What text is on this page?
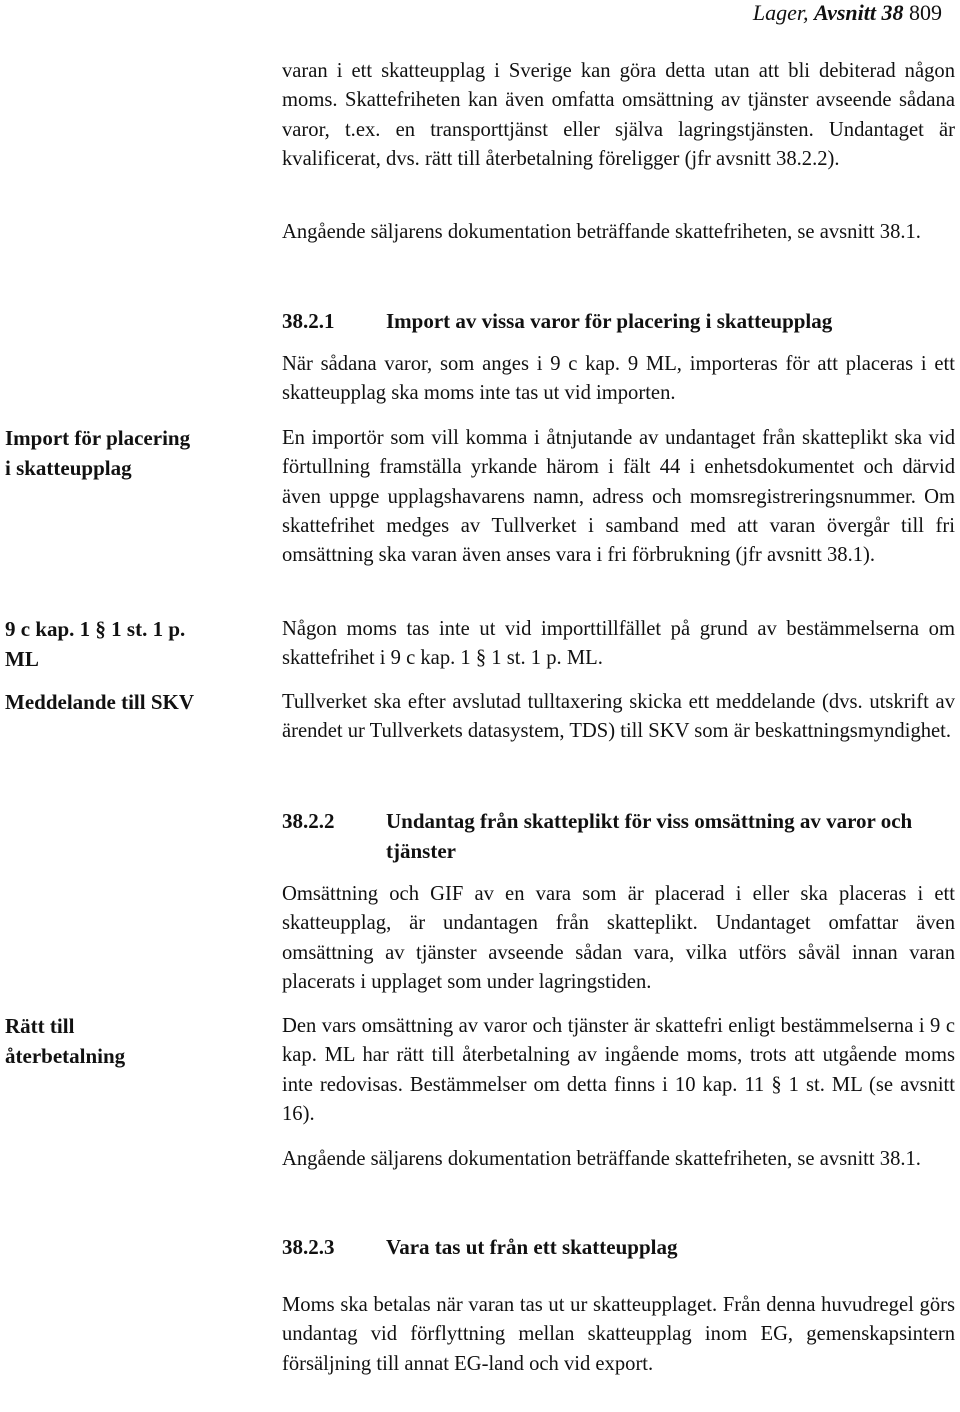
Lager, Avsnitt 38 809

varan i ett skatteupplag i Sverige kan göra detta utan att bli debiterad någon moms. Skattefriheten kan även omfatta omsättning av tjänster avseende sådana varor, t.ex. en transporttjänst eller själva lagringstjänsten. Undantaget är kvalificerat, dvs. rätt till återbetalning föreligger (jfr avsnitt 38.2.2).

Angående säljarens dokumentation beträffande skattefriheten, se avsnitt 38.1.

38.2.1	Import av vissa varor för placering i skatteupplag

När sådana varor, som anges i 9 c kap. 9 ML, importeras för att placeras i ett skatteupplag ska moms inte tas ut vid importen.

En importör som vill komma i åtnjutande av undantaget från skatteplikt ska vid förtullning framställa yrkande härom i fält 44 i enhetsdokumentet och därvid även uppge upplagshavarens namn, adress och momsregistreringsnummer. Om skattefrihet medges av Tullverket i samband med att varan övergår till fri omsättning ska varan även anses vara i fri förbrukning (jfr avsnitt 38.1).

Någon moms tas inte ut vid importtillfället på grund av bestämmelserna om skattefrihet i 9 c kap. 1 § 1 st. 1 p. ML.

Tullverket ska efter avslutad tulltaxering skicka ett meddelande (dvs. utskrift av ärendet ur Tullverkets datasystem, TDS) till SKV som är beskattningsmyndighet.

38.2.2	Undantag från skatteplikt för viss omsättning av varor och tjänster

Omsättning och GIF av en vara som är placerad i eller ska placeras i ett skatteupplag, är undantagen från skatteplikt. Undantaget omfattar även omsättning av tjänster avseende sådan vara, vilka utförs såväl innan varan placerats i upplaget som under lagringstiden.

Den vars omsättning av varor och tjänster är skattefri enligt bestämmelserna i 9 c kap. ML har rätt till återbetalning av ingående moms, trots att utgående moms inte redovisas. Bestämmelser om detta finns i 10 kap. 11 § 1 st. ML (se avsnitt 16).

Angående säljarens dokumentation beträffande skattefriheten, se avsnitt 38.1.

38.2.3	Vara tas ut från ett skatteupplag

Moms ska betalas när varan tas ut ur skatteupplaget. Från denna huvudregel görs undantag vid förflyttning mellan skatteupplag inom EG, gemenskapsintern försäljning till annat EG-land och vid export.

Import för placering i skatteupplag

9 c kap. 1 § 1 st. 1 p. ML

Meddelande till SKV

Rätt till återbetalning
